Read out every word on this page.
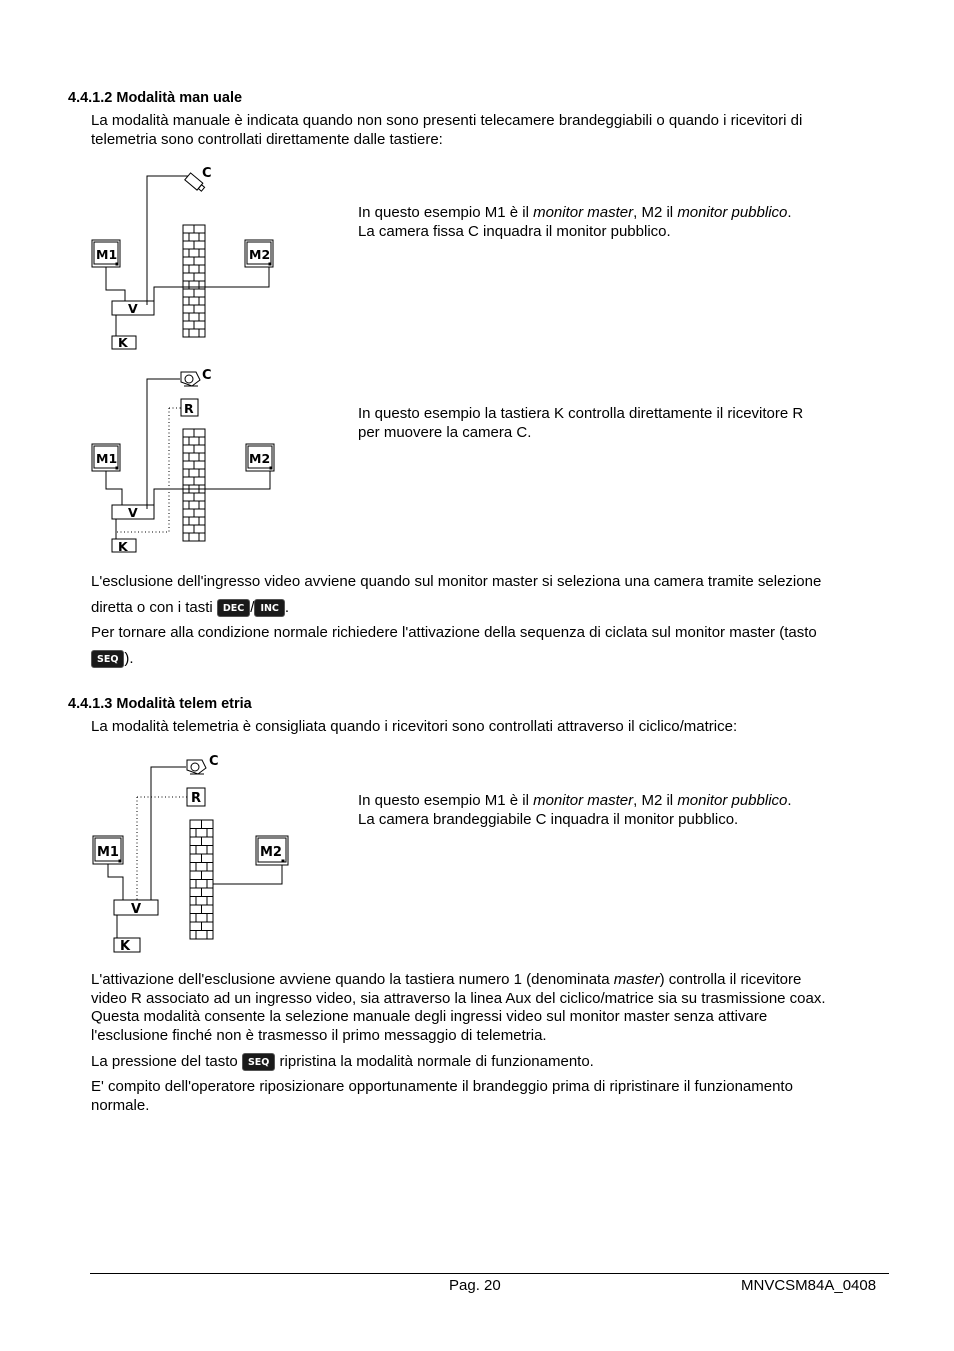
4.4.1.2 Modalità man uale

La modalità manuale è indicata quando non sono presenti telecamere brandeggiabili o quando i ricevitori di
telemetria sono controllati direttamente dalle tastiere:

C
M1	M2
V
K

In questo esempio M1 è il monitor master, M2 il monitor pubblico.
La camera fissa C inquadra il monitor pubblico.

C
R
M1	M2
V
K

In questo esempio la tastiera K controlla direttamente il ricevitore R
per muovere la camera C.

L'esclusione dell'ingresso video avviene quando sul monitor master si seleziona una camera tramite selezione
diretta o con i tasti DEC / INC .
Per tornare alla condizione normale richiedere l'attivazione della sequenza di ciclata sul monitor master (tasto
SEQ ).

4.4.1.3 Modalità telem etria

La modalità telemetria è consigliata quando i ricevitori sono controllati attraverso il ciclico/matrice:

C
R
M1	M2
V
K

In questo esempio M1 è il monitor master, M2 il monitor pubblico.
La camera brandeggiabile C inquadra il monitor pubblico.

L'attivazione dell'esclusione avviene quando la tastiera numero 1 (denominata master) controlla il ricevitore
video R associato ad un ingresso video, sia attraverso la linea Aux del ciclico/matrice sia su trasmissione coax.
Questa modalità consente la selezione manuale degli ingressi video sul monitor master senza attivare
l'esclusione finché non è trasmesso il primo messaggio di telemetria.

La pressione del tasto SEQ ripristina la modalità normale di funzionamento.

E' compito dell'operatore riposizionare opportunamente il brandeggio prima di ripristinare il funzionamento
normale.

Pag. 20	MNVCSM84A_0408
